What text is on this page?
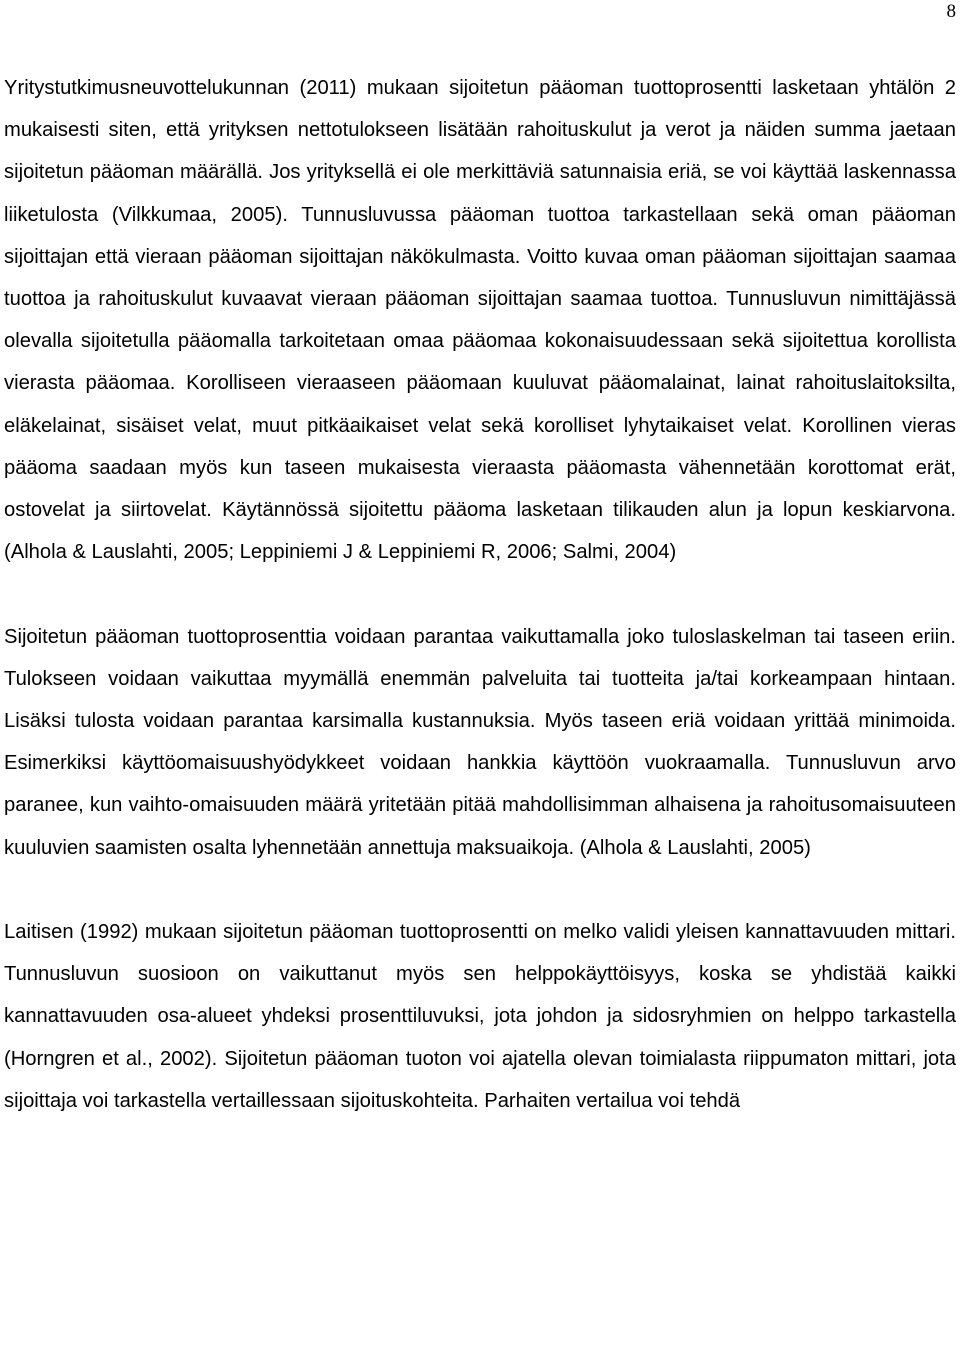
8

Yritystutkimusneuvottelukunnan (2011) mukaan sijoitetun pääoman tuottoprosentti lasketaan yhtälön 2 mukaisesti siten, että yrityksen nettotulokseen lisätään rahoituskulut ja verot ja näiden summa jaetaan sijoitetun pääoman määrällä. Jos yrityksellä ei ole merkittäviä satunnaisia eriä, se voi käyttää laskennassa liiketulosta (Vilkkumaa, 2005). Tunnusluvussa pääoman tuottoa tarkastellaan sekä oman pääoman sijoittajan että vieraan pääoman sijoittajan näkökulmasta. Voitto kuvaa oman pääoman sijoittajan saamaa tuottoa ja rahoituskulut kuvaavat vieraan pääoman sijoittajan saamaa tuottoa. Tunnusluvun nimittäjässä olevalla sijoitetulla pääomalla tarkoitetaan omaa pääomaa kokonaisuudessaan sekä sijoitettua korollista vierasta pääomaa. Korolliseen vieraaseen pääomaan kuuluvat pääomalainat, lainat rahoituslaitoksilta, eläkelainat, sisäiset velat, muut pitkäaikaiset velat sekä korolliset lyhytaikaiset velat. Korollinen vieras pääoma saadaan myös kun taseen mukaisesta vieraasta pääomasta vähennetään korottomat erät, ostovelat ja siirtovelat. Käytännössä sijoitettu pääoma lasketaan tilikauden alun ja lopun keskiarvona. (Alhola & Lauslahti, 2005; Leppiniemi J & Leppiniemi R, 2006; Salmi, 2004)

Sijoitetun pääoman tuottoprosenttia voidaan parantaa vaikuttamalla joko tuloslaskelman tai taseen eriin. Tulokseen voidaan vaikuttaa myymällä enemmän palveluita tai tuotteita ja/tai korkeampaan hintaan. Lisäksi tulosta voidaan parantaa karsimalla kustannuksia. Myös taseen eriä voidaan yrittää minimoida. Esimerkiksi käyttöomaisuushyödykkeet voidaan hankkia käyttöön vuokraamalla. Tunnusluvun arvo paranee, kun vaihto-omaisuuden määrä yritetään pitää mahdollisimman alhaisena ja rahoitusomaisuuteen kuuluvien saamisten osalta lyhennetään annettuja maksuaikoja. (Alhola & Lauslahti, 2005)

Laitisen (1992) mukaan sijoitetun pääoman tuottoprosentti on melko validi yleisen kannattavuuden mittari. Tunnusluvun suosioon on vaikuttanut myös sen helppokäyttöisyys, koska se yhdistää kaikki kannattavuuden osa-alueet yhdeksi prosenttiluvuksi, jota johdon ja sidosryhmien on helppo tarkastella (Horngren et al., 2002). Sijoitetun pääoman tuoton voi ajatella olevan toimialasta riippumaton mittari, jota sijoittaja voi tarkastella vertaillessaan sijoituskohteita. Parhaiten vertailua voi tehdä
